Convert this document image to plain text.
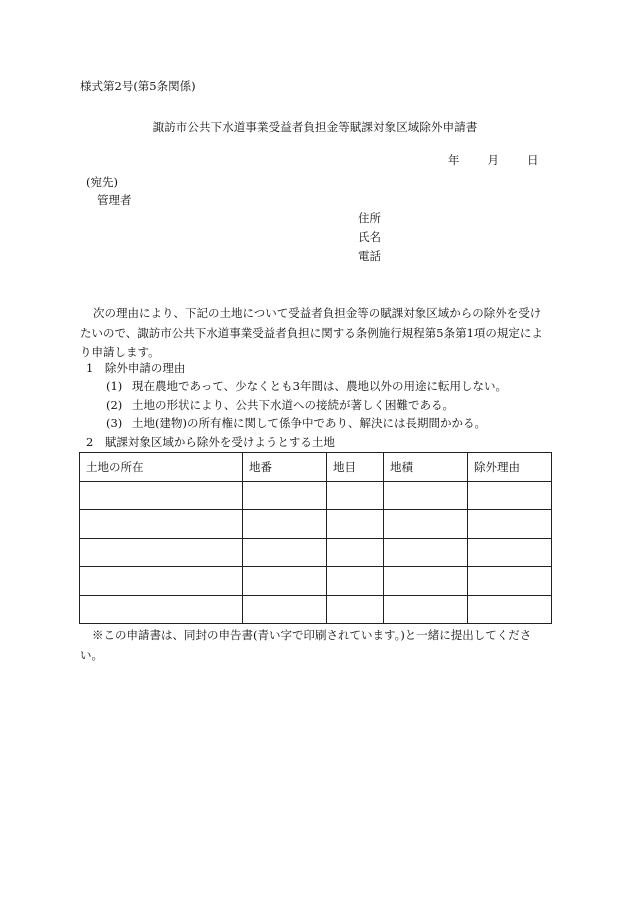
様式第2号(第5条関係)
諏訪市公共下水道事業受益者負担金等賦課対象区域除外申請書
年 月 日
(宛先)
管理者
住所
氏名
電話
次の理由により、下記の土地について受益者負担金等の賦課対象区域からの除外を受けたいので、諏訪市公共下水道事業受益者負担に関する条例施行規程第5条第1項の規定により申請します。
1　除外申請の理由
(1) 現在農地であって、少なくとも3年間は、農地以外の用途に転用しない。
(2) 土地の形状により、公共下水道への接続が著しく困難である。
(3) 土地(建物)の所有権に関して係争中であり、解決には長期間かかる。
2　賦課対象区域から除外を受けようとする土地
土地の所在	地番	地目	地積	除外理由

※この申請書は、同封の申告書(青い字で印刷されています。)と一緒に提出してください。
